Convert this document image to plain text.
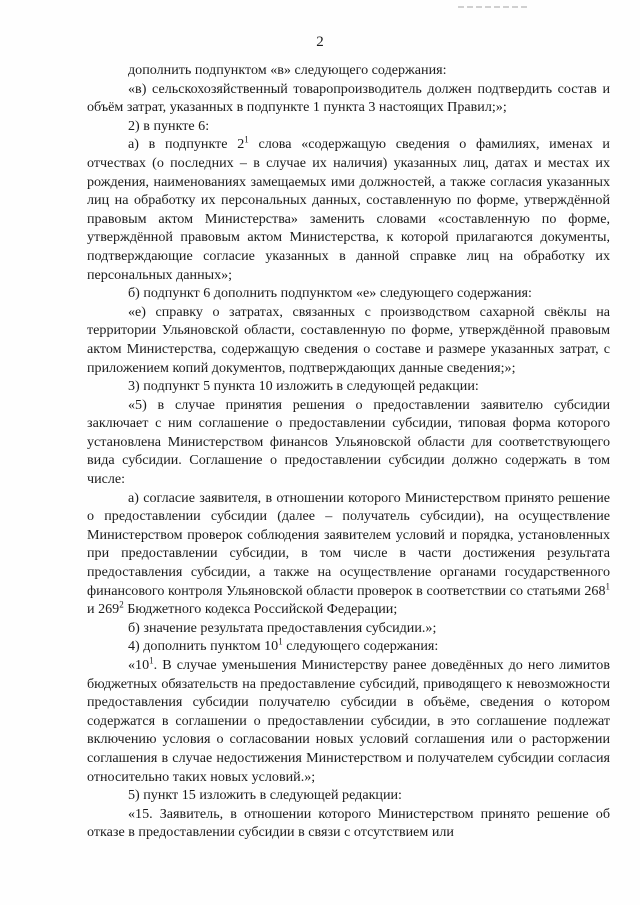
2

дополнить подпунктом «в» следующего содержания:

«в) сельскохозяйственный товаропроизводитель должен подтвердить состав и объём затрат, указанных в подпункте 1 пункта 3 настоящих Правил;»;

2) в пункте 6:

а) в подпункте $2^1$ слова «содержащую сведения о фамилиях, именах и отчествах (о последних – в случае их наличия) указанных лиц, датах и местах их рождения, наименованиях замещаемых ими должностей, а также согласия указанных лиц на обработку их персональных данных, составленную по форме, утверждённой правовым актом Министерства» заменить словами «составленную по форме, утверждённой правовым актом Министерства, к которой прилагаются документы, подтверждающие согласие указанных в данной справке лиц на обработку их персональных данных»;

б) подпункт 6 дополнить подпунктом «е» следующего содержания:

«е) справку о затратах, связанных с производством сахарной свёклы на территории Ульяновской области, составленную по форме, утверждённой правовым актом Министерства, содержащую сведения о составе и размере указанных затрат, с приложением копий документов, подтверждающих данные сведения;»;

3) подпункт 5 пункта 10 изложить в следующей редакции:

«5) в случае принятия решения о предоставлении заявителю субсидии заключает с ним соглашение о предоставлении субсидии, типовая форма которого установлена Министерством финансов Ульяновской области для соответствующего вида субсидии. Соглашение о предоставлении субсидии должно содержать в том числе:

а) согласие заявителя, в отношении которого Министерством принято решение о предоставлении субсидии (далее – получатель субсидии), на осуществление Министерством проверок соблюдения заявителем условий и порядка, установленных при предоставлении субсидии, в том числе в части достижения результата предоставления субсидии, а также на осуществление органами государственного финансового контроля Ульяновской области проверок в соответствии со статьями $268^1$ и $269^2$ Бюджетного кодекса Российской Федерации;

б) значение результата предоставления субсидии.»;

4) дополнить пунктом $10^1$ следующего содержания:

«$10^1$. В случае уменьшения Министерству ранее доведённых до него лимитов бюджетных обязательств на предоставление субсидий, приводящего к невозможности предоставления субсидии получателю субсидии в объёме, сведения о котором содержатся в соглашении о предоставлении субсидии, в это соглашение подлежат включению условия о согласовании новых условий соглашения или о расторжении соглашения в случае недостижения Министерством и получателем субсидии согласия относительно таких новых условий.»;

5) пункт 15 изложить в следующей редакции:

«15. Заявитель, в отношении которого Министерством принято решение об отказе в предоставлении субсидии в связи с отсутствием или
